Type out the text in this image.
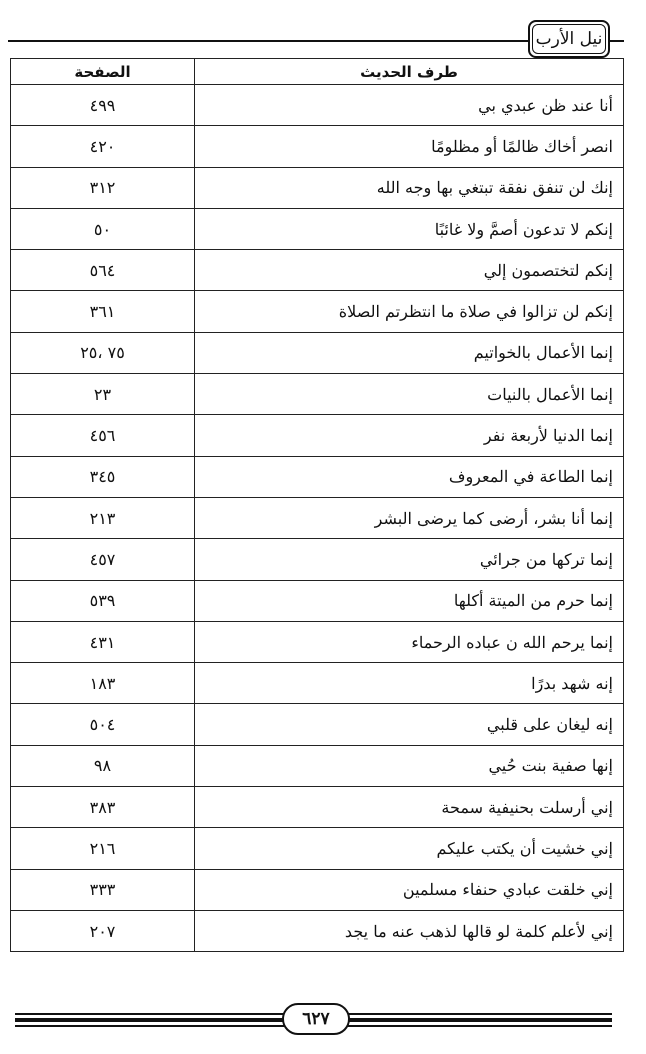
نيل الأرب
طرف الحديث	الصفحة
أنا عند ظن عبدي بي	٤٩٩
انصر أخاك ظالمًا أو مظلومًا	٤٢٠
إنك لن تنفق نفقة تبتغي بها وجه الله	٣١٢
إنكم لا تدعون أصمَّ ولا غائبًا	٥٠
إنكم لتختصمون إلي	٥٦٤
إنكم لن تزالوا في صلاة ما انتظرتم الصلاة	٣٦١
إنما الأعمال بالخواتيم	٧٥ ،٢٥
إنما الأعمال بالنيات	٢٣
إنما الدنيا لأربعة نفر	٤٥٦
إنما الطاعة في المعروف	٣٤٥
إنما أنا بشر، أرضى كما يرضى البشر	٢١٣
إنما تركها من جرائي	٤٥٧
إنما حرم من الميتة أكلها	٥٣٩
إنما يرحم الله ن عباده الرحماء	٤٣١
إنه شهد بدرًا	١٨٣
إنه ليغان على قلبي	٥٠٤
إنها صفية بنت حُيي	٩٨
إني أرسلت بحنيفية سمحة	٣٨٣
إني خشيت أن يكتب عليكم	٢١٦
إني خلقت عبادي حنفاء مسلمين	٣٣٣
إني لأعلم كلمة لو قالها لذهب عنه ما يجد	٢٠٧
٦٢٧
